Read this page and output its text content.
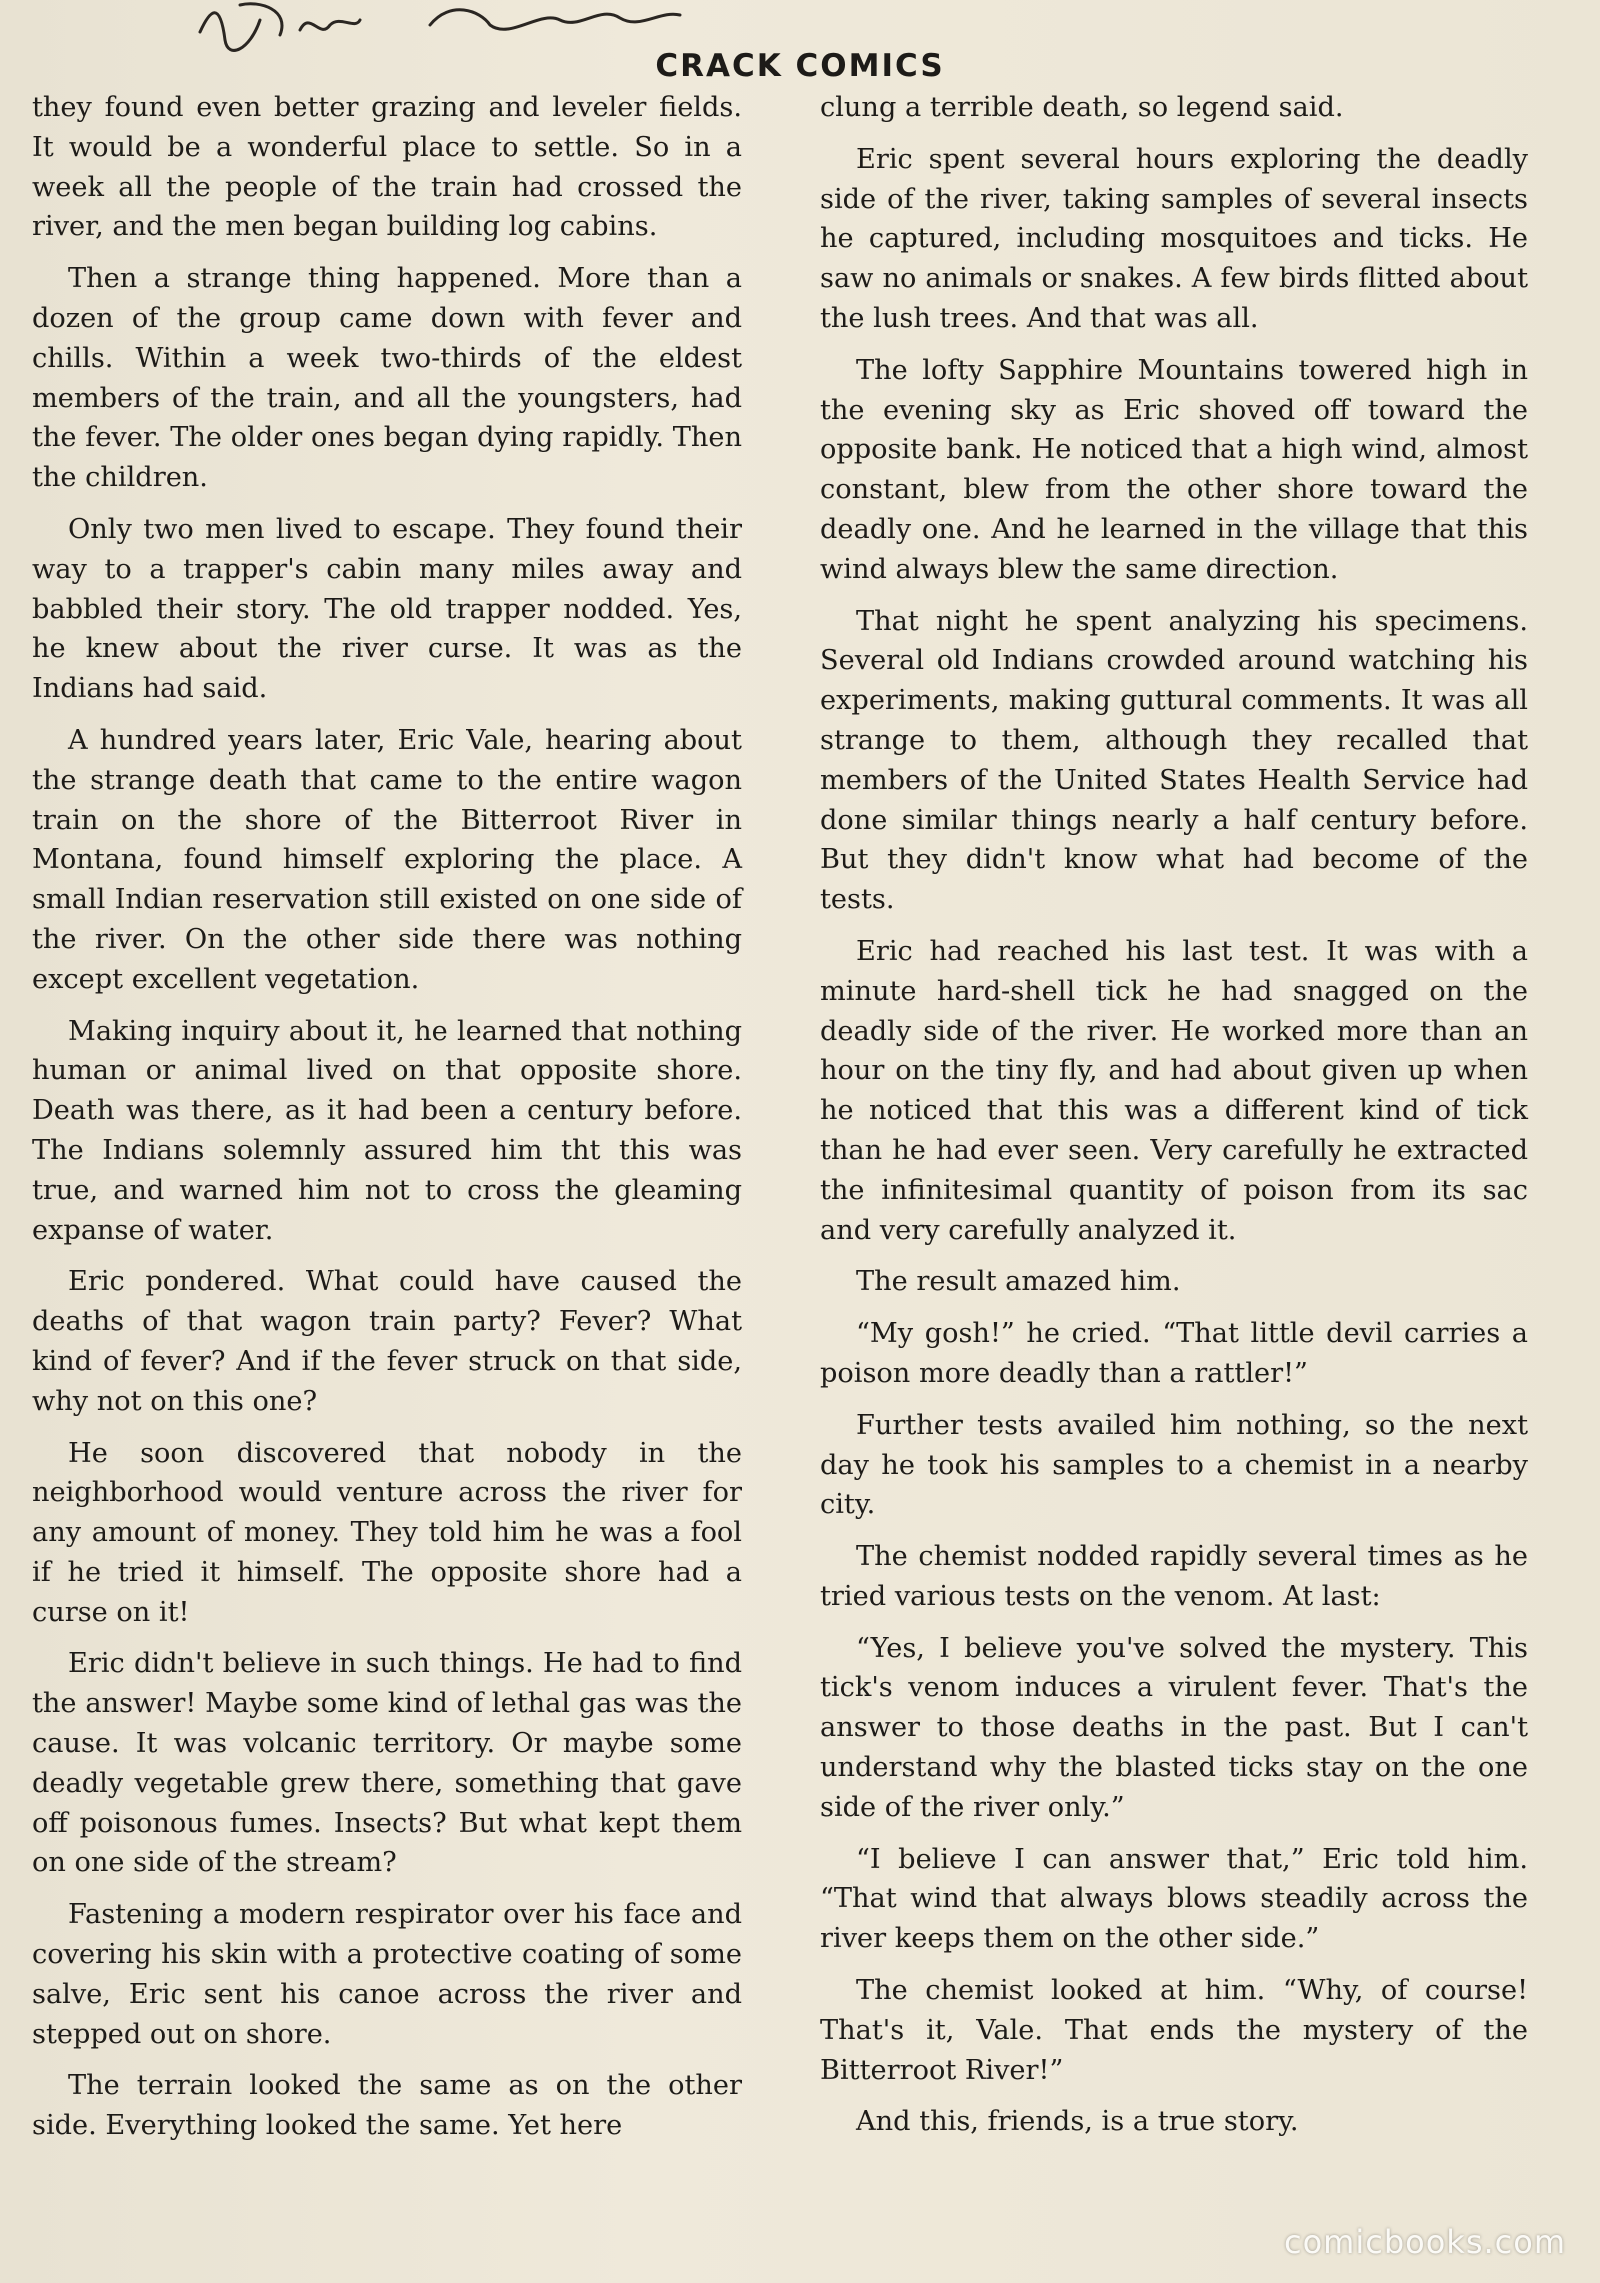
CRACK COMICS

they found even better grazing and leveler fields. It would be a wonderful place to settle. So in a week all the people of the train had crossed the river, and the men began building log cabins.

Then a strange thing happened. More than a dozen of the group came down with fever and chills. Within a week two-thirds of the eldest members of the train, and all the youngsters, had the fever. The older ones began dying rapidly. Then the children.

Only two men lived to escape. They found their way to a trapper's cabin many miles away and babbled their story. The old trapper nodded. Yes, he knew about the river curse. It was as the Indians had said.

A hundred years later, Eric Vale, hearing about the strange death that came to the entire wagon train on the shore of the Bitterroot River in Montana, found himself exploring the place. A small Indian reservation still existed on one side of the river. On the other side there was nothing except excellent vegetation.

Making inquiry about it, he learned that nothing human or animal lived on that opposite shore. Death was there, as it had been a century before. The Indians solemnly assured him tht this was true, and warned him not to cross the gleaming expanse of water.

Eric pondered. What could have caused the deaths of that wagon train party? Fever? What kind of fever? And if the fever struck on that side, why not on this one?

He soon discovered that nobody in the neighborhood would venture across the river for any amount of money. They told him he was a fool if he tried it himself. The opposite shore had a curse on it!

Eric didn't believe in such things. He had to find the answer! Maybe some kind of lethal gas was the cause. It was volcanic territory. Or maybe some deadly vegetable grew there, something that gave off poisonous fumes. Insects? But what kept them on one side of the stream?

Fastening a modern respirator over his face and covering his skin with a protective coating of some salve, Eric sent his canoe across the river and stepped out on shore.

The terrain looked the same as on the other side. Everything looked the same. Yet here

clung a terrible death, so legend said.

Eric spent several hours exploring the deadly side of the river, taking samples of several insects he captured, including mosquitoes and ticks. He saw no animals or snakes. A few birds flitted about the lush trees. And that was all.

The lofty Sapphire Mountains towered high in the evening sky as Eric shoved off toward the opposite bank. He noticed that a high wind, almost constant, blew from the other shore toward the deadly one. And he learned in the village that this wind always blew the same direction.

That night he spent analyzing his specimens. Several old Indians crowded around watching his experiments, making guttural comments. It was all strange to them, although they recalled that members of the United States Health Service had done similar things nearly a half century before. But they didn't know what had become of the tests.

Eric had reached his last test. It was with a minute hard-shell tick he had snagged on the deadly side of the river. He worked more than an hour on the tiny fly, and had about given up when he noticed that this was a different kind of tick than he had ever seen. Very carefully he extracted the infinitesimal quantity of poison from its sac and very carefully analyzed it.

The result amazed him.

“My gosh!” he cried. “That little devil carries a poison more deadly than a rattler!”

Further tests availed him nothing, so the next day he took his samples to a chemist in a nearby city.

The chemist nodded rapidly several times as he tried various tests on the venom. At last:

“Yes, I believe you've solved the mystery. This tick's venom induces a virulent fever. That's the answer to those deaths in the past. But I can't understand why the blasted ticks stay on the one side of the river only.”

“I believe I can answer that,” Eric told him. “That wind that always blows steadily across the river keeps them on the other side.”

The chemist looked at him. “Why, of course! That's it, Vale. That ends the mystery of the Bitterroot River!”

And this, friends, is a true story.

comicbooks.com
